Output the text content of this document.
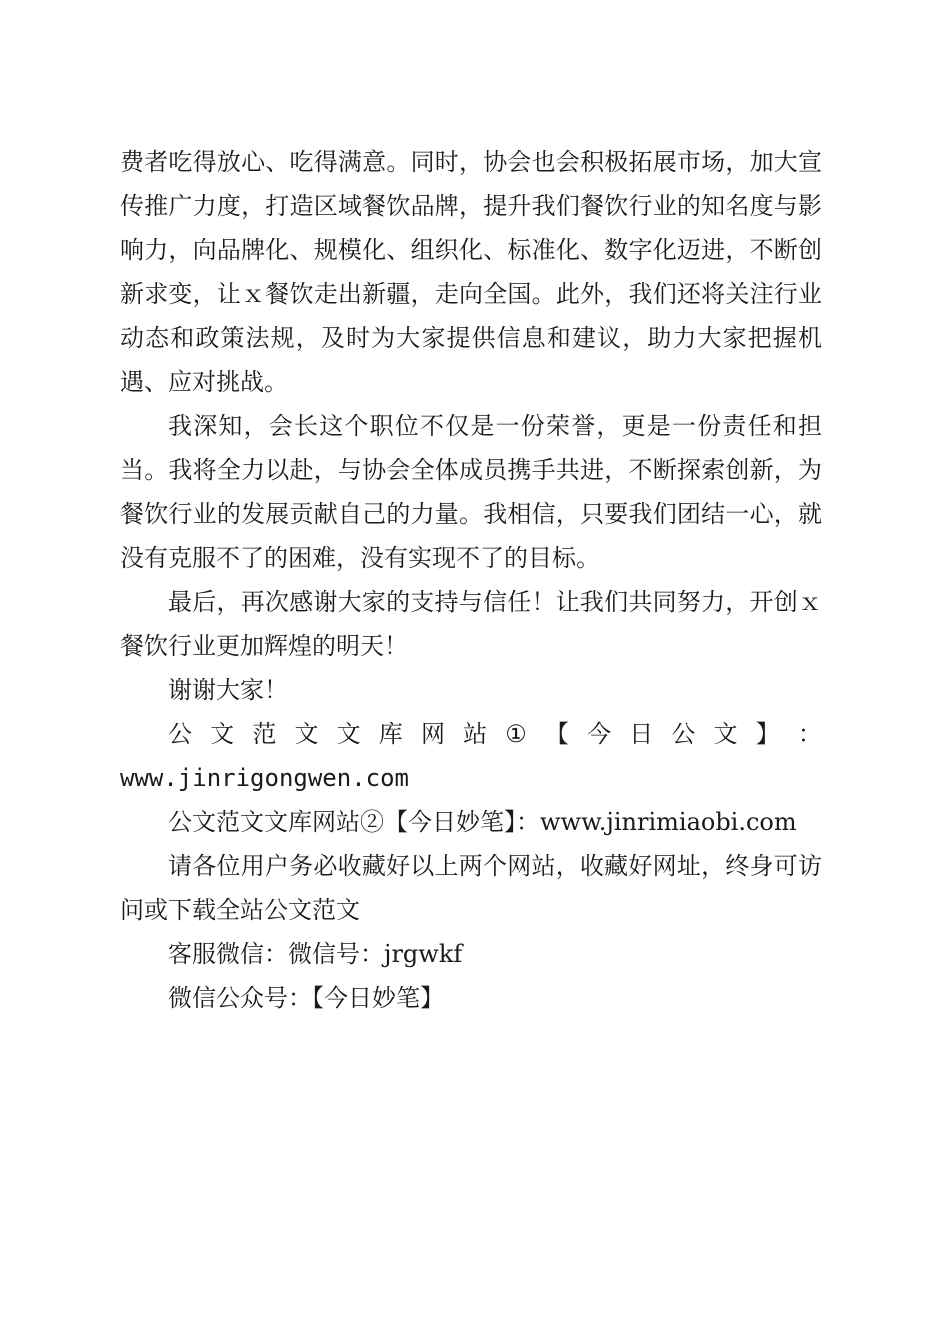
费者吃得放心、吃得满意。同时，协会也会积极拓展市场，加大宣传推广力度，打造区域餐饮品牌，提升我们餐饮行业的知名度与影响力，向品牌化、规模化、组织化、标准化、数字化迈进，不断创新求变，让ｘ餐饮走出新疆，走向全国。此外，我们还将关注行业动态和政策法规，及时为大家提供信息和建议，助力大家把握机遇、应对挑战。

我深知，会长这个职位不仅是一份荣誉，更是一份责任和担当。我将全力以赴，与协会全体成员携手共进，不断探索创新，为餐饮行业的发展贡献自己的力量。我相信，只要我们团结一心，就没有克服不了的困难，没有实现不了的目标。

最后，再次感谢大家的支持与信任！让我们共同努力，开创ｘ餐饮行业更加辉煌的明天！

谢谢大家！

公 文 范 文 文 库 网 站 ① 【 今 日 公 文 】 ：

www.jinrigongwen.com

公文范文文库网站②【今日妙笔】：www.jinrimiaobi.com

请各位用户务必收藏好以上两个网站，收藏好网址，终身可访问或下载全站公文范文

客服微信：微信号：jrgwkf

微信公众号：【今日妙笔】
